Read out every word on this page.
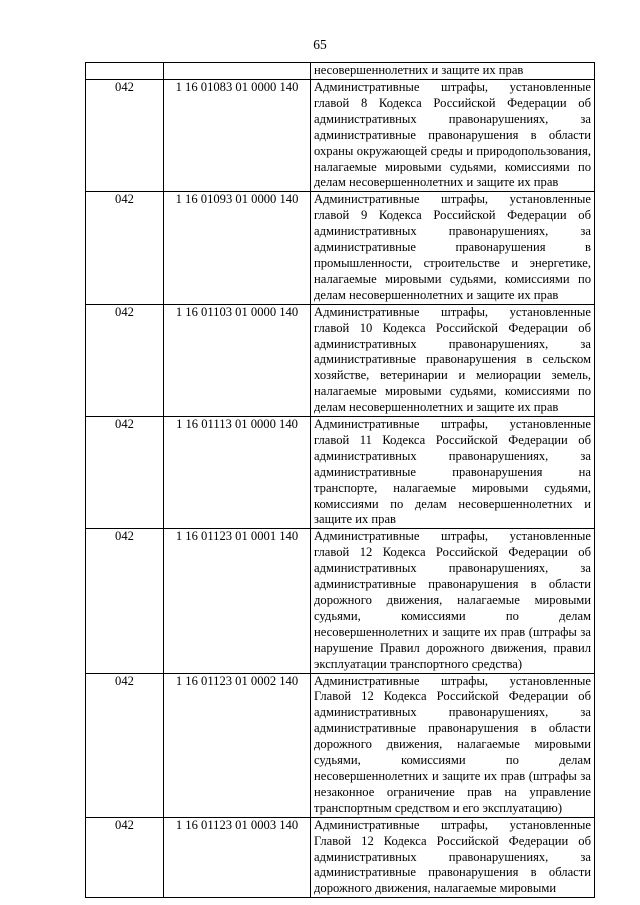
65
		несовершеннолетних и защите их прав
042	1 16 01083 01 0000 140	Административные штрафы, установленные главой 8 Кодекса Российской Федерации об административных правонарушениях, за административные правонарушения в области охраны окружающей среды и природопользования, налагаемые мировыми судьями, комиссиями по делам несовершеннолетних и защите их прав
042	1 16 01093 01 0000 140	Административные штрафы, установленные главой 9 Кодекса Российской Федерации об административных правонарушениях, за административные правонарушения в промышленности, строительстве и энергетике, налагаемые мировыми судьями, комиссиями по делам несовершеннолетних и защите их прав
042	1 16 01103 01 0000 140	Административные штрафы, установленные главой 10 Кодекса Российской Федерации об административных правонарушениях, за административные правонарушения в сельском хозяйстве, ветеринарии и мелиорации земель, налагаемые мировыми судьями, комиссиями по делам несовершеннолетних и защите их прав
042	1 16 01113 01 0000 140	Административные штрафы, установленные главой 11 Кодекса Российской Федерации об административных правонарушениях, за административные правонарушения на транспорте, налагаемые мировыми судьями, комиссиями по делам несовершеннолетних и защите их прав
042	1 16 01123 01 0001 140	Административные штрафы, установленные главой 12 Кодекса Российской Федерации об административных правонарушениях, за административные правонарушения в области дорожного движения, налагаемые мировыми судьями, комиссиями по делам несовершеннолетних и защите их прав (штрафы за нарушение Правил дорожного движения, правил эксплуатации транспортного средства)
042	1 16 01123 01 0002 140	Административные штрафы, установленные Главой 12 Кодекса Российской Федерации об административных правонарушениях, за административные правонарушения в области дорожного движения, налагаемые мировыми судьями, комиссиями по делам несовершеннолетних и защите их прав (штрафы за незаконное ограничение прав на управление транспортным средством и его эксплуатацию)
042	1 16 01123 01 0003 140	Административные штрафы, установленные Главой 12 Кодекса Российской Федерации об административных правонарушениях, за административные правонарушения в области дорожного движения, налагаемые мировыми
